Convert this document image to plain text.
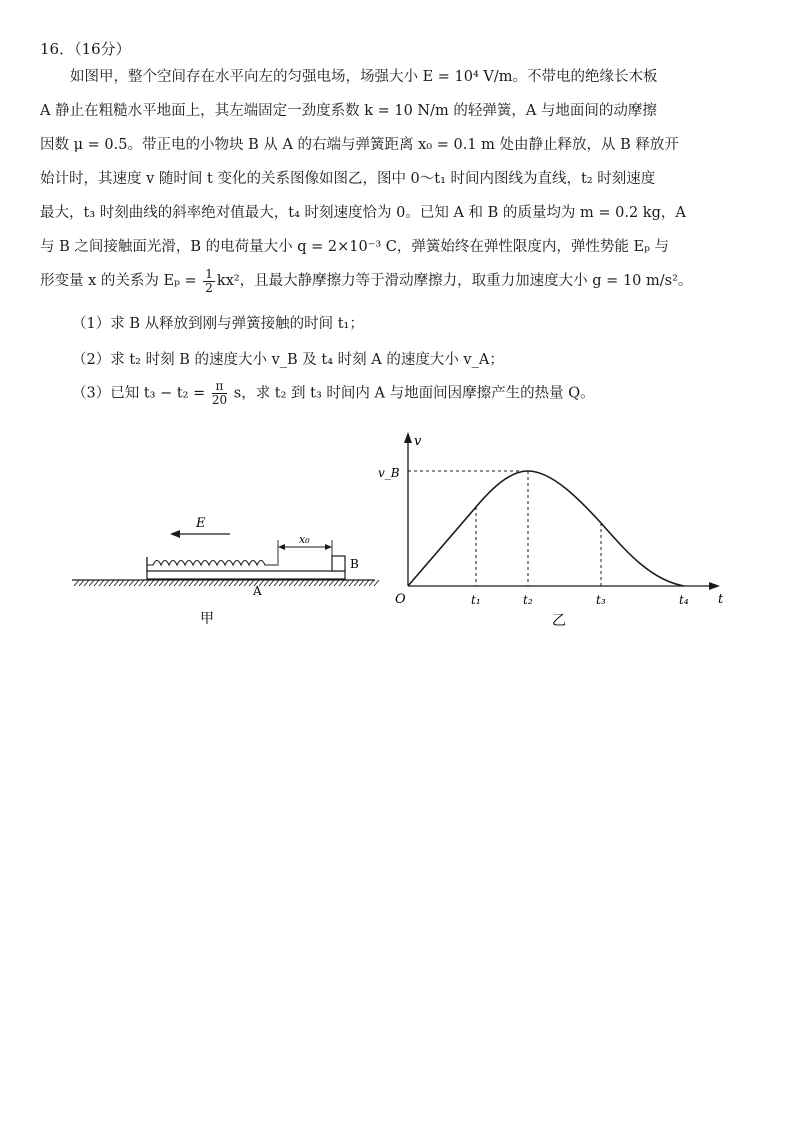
16．（16分）
如图甲，整个空间存在水平向左的匀强电场，场强大小 E = 10⁴ V/m。不带电的绝缘长木板
A 静止在粗糙水平地面上，其左端固定一劲度系数 k = 10 N/m 的轻弹簧，A 与地面间的动摩擦
因数 μ = 0.5。带正电的小物块 B 从 A 的右端与弹簧距离 x₀ = 0.1 m 处由静止释放，从 B 释放开
始计时，其速度 v 随时间 t 变化的关系图像如图乙，图中 0～t₁ 时间内图线为直线，t₂ 时刻速度
最大，t₃ 时刻曲线的斜率绝对值最大，t₄ 时刻速度恰为 0。已知 A 和 B 的质量均为 m = 0.2 kg，A
与 B 之间接触面光滑，B 的电荷量大小 q = 2×10⁻³ C，弹簧始终在弹性限度内，弹性势能 Eₚ 与
形变量 x 的关系为 $E_p = \frac{1}{2} kx^2$，且最大静摩擦力等于滑动摩擦力，取重力加速度大小 g = 10 m/s²。
（1）求 B 从释放到刚与弹簧接触的时间 t₁；
（2）求 t₂ 时刻 B 的速度大小 v_B 及 t₄ 时刻 A 的速度大小 v_A；
（3）已知 $t_3 - t_2 = \frac{\pi}{20}$ s，求 t₂ 到 t₃ 时间内 A 与地面间因摩擦产生的热量 Q。
E
B
x₀
A
甲
v
t
O
v_B
t₁	t₂	t₃	t₄
乙
